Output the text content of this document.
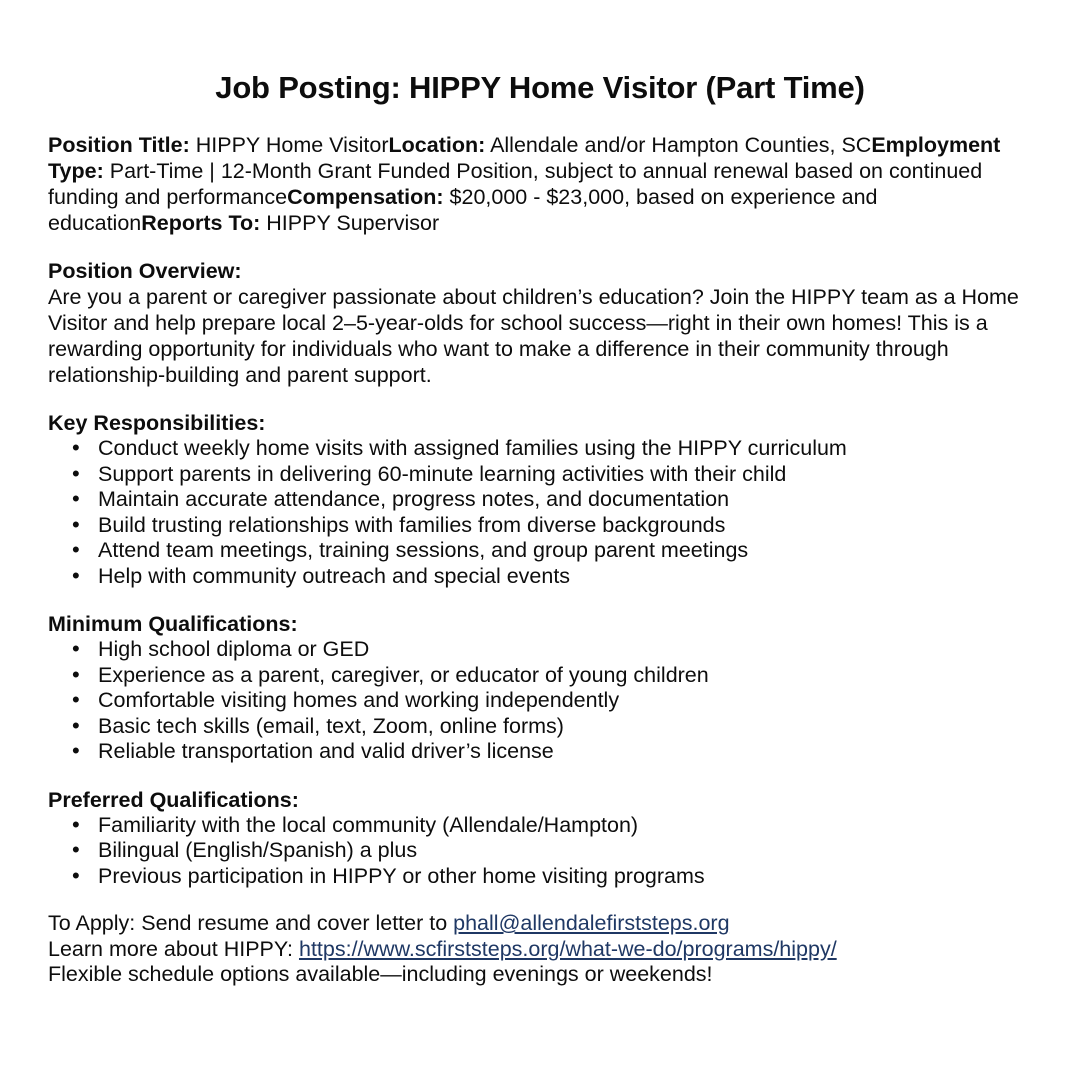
Job Posting: HIPPY Home Visitor (Part Time)

Position Title: HIPPY Home VisitorLocation: Allendale and/or Hampton Counties, SCEmployment Type: Part-Time | 12-Month Grant Funded Position, subject to annual renewal based on continued funding and performanceCompensation: $20,000 - $23,000, based on experience and educationReports To: HIPPY Supervisor

Position Overview:
Are you a parent or caregiver passionate about children’s education? Join the HIPPY team as a Home Visitor and help prepare local 2–5-year-olds for school success—right in their own homes! This is a rewarding opportunity for individuals who want to make a difference in their community through relationship-building and parent support.
Key Responsibilities:
• Conduct weekly home visits with assigned families using the HIPPY curriculum
• Support parents in delivering 60-minute learning activities with their child
• Maintain accurate attendance, progress notes, and documentation
• Build trusting relationships with families from diverse backgrounds
• Attend team meetings, training sessions, and group parent meetings
• Help with community outreach and special events
Minimum Qualifications:
• High school diploma or GED
• Experience as a parent, caregiver, or educator of young children
• Comfortable visiting homes and working independently
• Basic tech skills (email, text, Zoom, online forms)
• Reliable transportation and valid driver’s license
Preferred Qualifications:
• Familiarity with the local community (Allendale/Hampton)
• Bilingual (English/Spanish) a plus
• Previous participation in HIPPY or other home visiting programs
To Apply: Send resume and cover letter to phall@allendalefirststeps.org
Learn more about HIPPY: https://www.scfirststeps.org/what-we-do/programs/hippy/
Flexible schedule options available—including evenings or weekends!
